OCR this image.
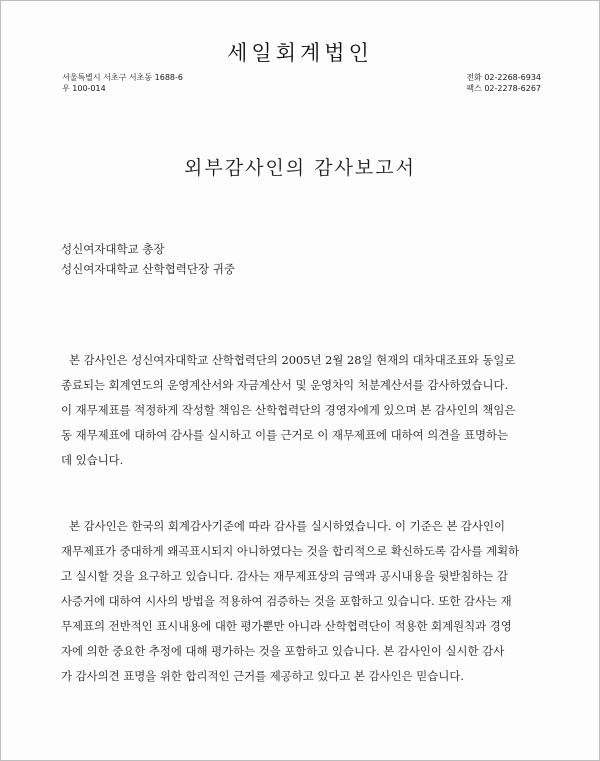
세일회계법인
서울특별시 서초구 서초동 1688-6
우 100-014
전화 02-2268-6934
팩스 02-2278-6267
외부감사인의 감사보고서
성신여자대학교 총장
성신여자대학교 산학협력단장 귀중
본 감사인은 성신여자대학교 산학협력단의 2005년 2월 28일 현재의 대차대조표와 동일로
종료되는 회계연도의 운영계산서와 자금계산서 및 운영차익 처분계산서를 감사하였습니다.
이 재무제표를 적정하게 작성할 책임은 산학협력단의 경영자에게 있으며 본 감사인의 책임은
동 재무제표에 대하여 감사를 실시하고 이를 근거로 이 재무제표에 대하여 의견을 표명하는
데 있습니다.
본 감사인은 한국의 회계감사기준에 따라 감사를 실시하였습니다. 이 기준은 본 감사인이
재무제표가 중대하게 왜곡표시되지 아니하였다는 것을 합리적으로 확신하도록 감사를 계획하
고 실시할 것을 요구하고 있습니다. 감사는 재무제표상의 금액과 공시내용을 뒷받침하는 감
사증거에 대하여 시사의 방법을 적용하여 검증하는 것을 포함하고 있습니다. 또한 감사는 재
무제표의 전반적인 표시내용에 대한 평가뿐만 아니라 산학협력단이 적용한 회계원칙과 경영
자에 의한 중요한 추정에 대해 평가하는 것을 포함하고 있습니다. 본 감사인이 실시한 감사
가 감사의견 표명을 위한 합리적인 근거를 제공하고 있다고 본 감사인은 믿습니다.
